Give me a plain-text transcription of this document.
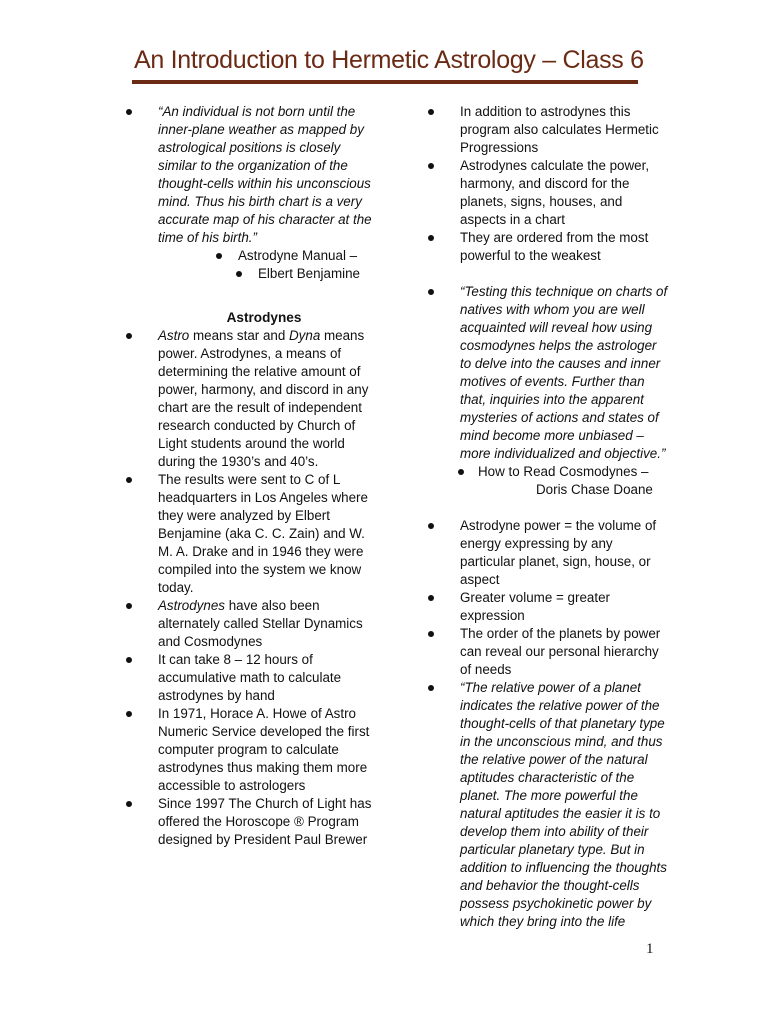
An Introduction to Hermetic Astrology – Class 6
“An individual is not born until the inner-plane weather as mapped by astrological positions is closely similar to the organization of the thought-cells within his unconscious mind. Thus his birth chart is a very accurate map of his character at the time of his birth.”
Astrodyne Manual –
Elbert Benjamine
Astrodynes
Astro means star and Dyna means power. Astrodynes, a means of determining the relative amount of power, harmony, and discord in any chart are the result of independent research conducted by Church of Light students around the world during the 1930’s and 40’s.
The results were sent to C of L headquarters in Los Angeles where they were analyzed by Elbert Benjamine (aka C. C. Zain) and W. M. A. Drake and in 1946 they were compiled into the system we know today.
Astrodynes have also been alternately called Stellar Dynamics and Cosmodynes
It can take 8 – 12 hours of accumulative math to calculate astrodynes by hand
In 1971, Horace A. Howe of Astro Numeric Service developed the first computer program to calculate astrodynes thus making them more accessible to astrologers
Since 1997 The Church of Light has offered the Horoscope ® Program designed by President Paul Brewer
In addition to astrodynes this program also calculates Hermetic Progressions
Astrodynes calculate the power, harmony, and discord for the planets, signs, houses, and aspects in a chart
They are ordered from the most powerful to the weakest
“Testing this technique on charts of natives with whom you are well acquainted will reveal how using cosmodynes helps the astrologer to delve into the causes and inner motives of events. Further than that, inquiries into the apparent mysteries of actions and states of mind become more unbiased – more individualized and objective.”
How to Read Cosmodynes –
Doris Chase Doane
Astrodyne power = the volume of energy expressing by any particular planet, sign, house, or aspect
Greater volume = greater expression
The order of the planets by power can reveal our personal hierarchy of needs
“The relative power of a planet indicates the relative power of the thought-cells of that planetary type in the unconscious mind, and thus the relative power of the natural aptitudes characteristic of the planet. The more powerful the natural aptitudes the easier it is to develop them into ability of their particular planetary type. But in addition to influencing the thoughts and behavior the thought-cells possess psychokinetic power by which they bring into the life
1
